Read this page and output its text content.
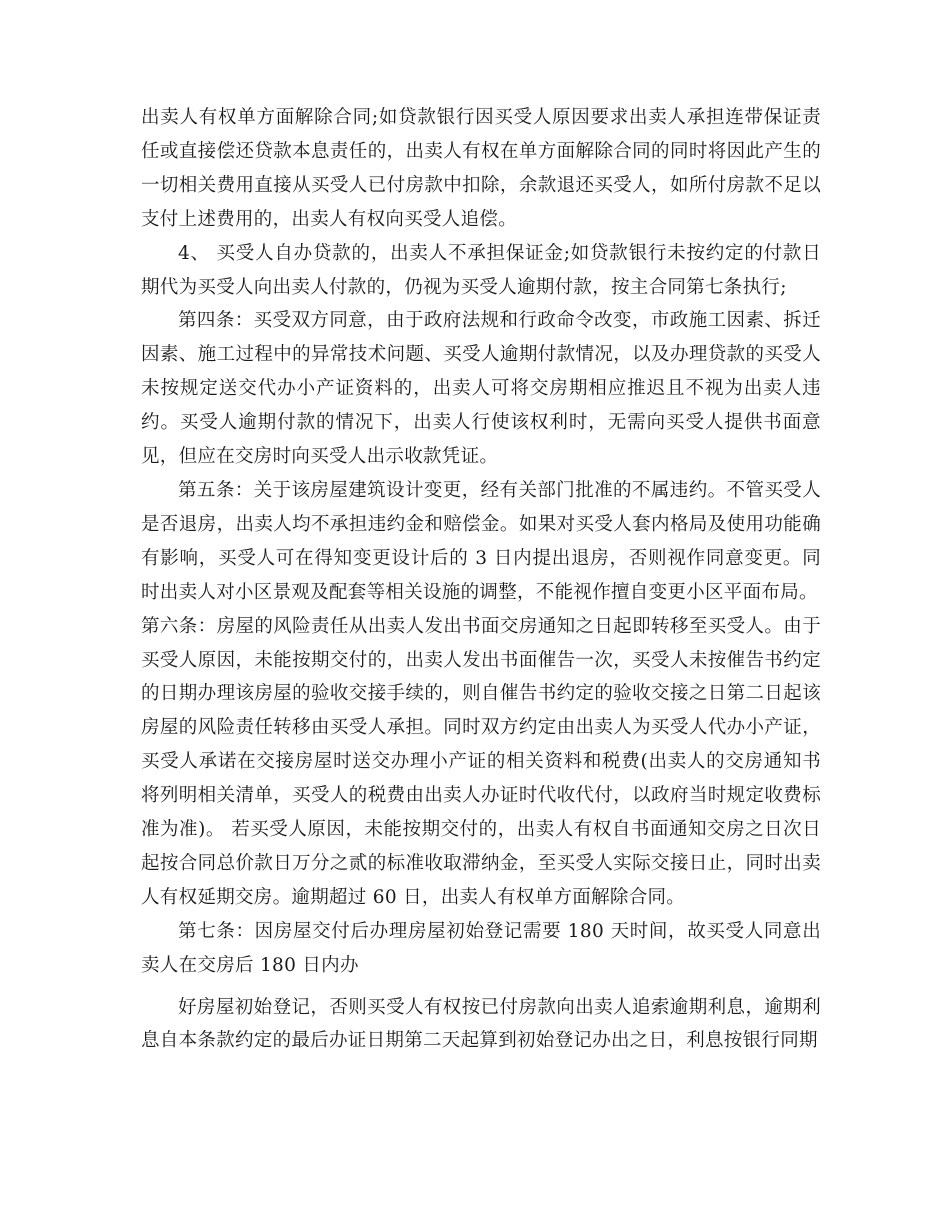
出卖人有权单方面解除合同;如贷款银行因买受人原因要求出卖人承担连带保证责任或直接偿还贷款本息责任的，出卖人有权在单方面解除合同的同时将因此产生的一切相关费用直接从买受人已付房款中扣除，余款退还买受人，如所付房款不足以支付上述费用的，出卖人有权向买受人追偿。

4、 买受人自办贷款的，出卖人不承担保证金;如贷款银行未按约定的付款日期代为买受人向出卖人付款的，仍视为买受人逾期付款，按主合同第七条执行;

第四条：买受双方同意，由于政府法规和行政命令改变，市政施工因素、拆迁因素、施工过程中的异常技术问题、买受人逾期付款情况，以及办理贷款的买受人未按规定送交代办小产证资料的，出卖人可将交房期相应推迟且不视为出卖人违约。买受人逾期付款的情况下，出卖人行使该权利时，无需向买受人提供书面意见，但应在交房时向买受人出示收款凭证。

第五条：关于该房屋建筑设计变更，经有关部门批准的不属违约。不管买受人是否退房，出卖人均不承担违约金和赔偿金。如果对买受人套内格局及使用功能确有影响，买受人可在得知变更设计后的 3 日内提出退房，否则视作同意变更。同时出卖人对小区景观及配套等相关设施的调整，不能视作擅自变更小区平面布局。

第六条：房屋的风险责任从出卖人发出书面交房通知之日起即转移至买受人。由于买受人原因，未能按期交付的，出卖人发出书面催告一次，买受人未按催告书约定的日期办理该房屋的验收交接手续的，则自催告书约定的验收交接之日第二日起该房屋的风险责任转移由买受人承担。同时双方约定由出卖人为买受人代办小产证，买受人承诺在交接房屋时送交办理小产证的相关资料和税费(出卖人的交房通知书将列明相关清单，买受人的税费由出卖人办证时代收代付，以政府当时规定收费标准为准)。 若买受人原因，未能按期交付的，出卖人有权自书面通知交房之日次日起按合同总价款日万分之贰的标准收取滞纳金，至买受人实际交接日止，同时出卖人有权延期交房。逾期超过 60 日，出卖人有权单方面解除合同。

第七条：因房屋交付后办理房屋初始登记需要 180 天时间，故买受人同意出卖人在交房后 180 日内办

好房屋初始登记，否则买受人有权按已付房款向出卖人追索逾期利息，逾期利息自本条款约定的最后办证日期第二天起算到初始登记办出之日，利息按银行同期
